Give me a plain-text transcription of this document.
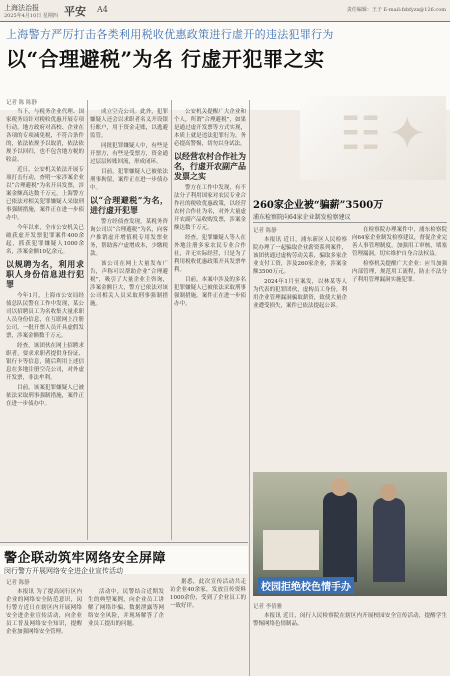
上海法治报
2025年4月10日 星期四 平安 A4	责任编辑：王子 E-mail:fzbfyzx@126.com
上海警方严厉打击各类利用税收优惠政策进行虚开的违法犯罪行为
以“合理避税”为名 行虚开犯罪之实
☷ ✦
记者 陈 陈静

当下，与税务企业代理、国家税务局针对税收优惠开展专项行动，地方政府对高校、企业在各项的专项减免税，不符合条件的，依法依规予以取消，依法依规予以回归，也不包含地方税的收益。

近日，公安机关依法开展专项打击行动，查明一家涉案企业以“合理避税”为名开具发票，涉案金额高达数千万元，上海警方已依法对相关犯罪嫌疑人采取刑事强制措施，案件正在进一步侦办中。

今年以来，全市公安机关已破获虚开发票犯罪案件400余起，抓获犯罪嫌疑人1000余名，涉案金额10亿余元。

以规聘为名，利用求职人身份信息进行犯罪

今年1月，上海市公安局经侦总队民警在工作中发现，某公司以招聘员工为名收集大量求职人员身份信息，在互联网上注册公司，一批开票人员开具虚假发票，涉案金额数千万元。

经查，该团伙在网上招聘求职者，要求求职者提供身份证、银行卡等信息，随后利用上述信息在多地注册空壳公司，对外虚开发票，非法牟利。

目前，该案犯罪嫌疑人已被依法采取刑事强制措施，案件正在进一步侦办中。

成立空壳公司。此外，犯罪嫌疑人还会以求职者名义开设银行账户，用于资金走账，以逃避监管。

同批犯罪嫌疑人中，有些是开票方，有些是受票方，资金通过层层转账回流，形成闭环。

目前，犯罪嫌疑人已被依法刑事拘留，案件正在进一步侦办中。

以“合理避税”为名，进行虚开犯罪

警方经侦查发现，某税务咨询公司以“合理避税”为名，向客户推销虚开增值税专用发票业务，帮助客户虚增成本，少缴税款。

该公司在网上大量发布广告，声称可以帮助企业“合理避税”，吸引了大量企业主咨询，涉案金额巨大，警方已依法对该公司相关人员采取刑事强制措施。

公安机关提醒广大企业和个人，所谓“合理避税”，如果是通过虚开发票等方式实现，本质上就是违法犯罪行为，务必提高警惕，切勿以身试法。

以经营农村合作社为名，行虚开农副产品发票之实

警方在工作中发现，有不法分子利用国家对农民专业合作社的税收优惠政策，以经营农村合作社为名，对外大量虚开农副产品收购发票，涉案金额达数千万元。

经查，犯罪嫌疑人等人在外地注册多家农民专业合作社，并无实际经营，只是为了利用税收优惠政策开具发票牟利。

目前，本案中涉及的多名犯罪嫌疑人已被依法采取刑事强制措施，案件正在进一步侦办中。

260家企业被“骗薪”3500万
浦东检察院向64家企业制发检察建议
记者 陈静

本报讯 近日，浦东新区人民检察院办理了一起骗取企业薪资系列案件，该团伙通过虚构劳动关系，骗取多家企业支付工资，涉及260家企业，涉案金额3500万元。

2024年1月至案发，以林某等人为代表的犯罪团伙，虚构员工身份，利用企业管理漏洞骗取薪资，致使大量企业遭受损失，案件已依法提起公诉。

在检察院办理案件中，浦东检察院向64家企业制发检察建议，督促企业完善人事管理制度，加强用工审核，堵塞管理漏洞，切实维护自身合法权益。

检察机关提醒广大企业：应当加强内部管理，规范用工流程，防止不法分子利用管理漏洞实施犯罪。

校园拒绝校色情手办
警企联动筑牢网络安全屏障
闵行警方开展网络安全进企业宣传活动
记者 陈静

本报讯 为了提高闵行区内企业的网络安全防范意识，闵行警方近日在辖区内开展网络安全进企业宣传活动，向企业员工普及网络安全知识，提醒企业加强网络安全管理。

活动中，民警结合近期发生的典型案例，向企业员工讲解了网络诈骗、数据泄露等网络安全风险，并现场解答了企业员工提出的问题。

据悉，此次宣传活动共走访企业40余家，发放宣传资料1000余份，受到了企业员工的一致好评。	记者 李倩雅

本报讯 近日，闵行人民检察院在辖区内开展校园安全宣传活动，提醒学生警惕网络色情制品。
